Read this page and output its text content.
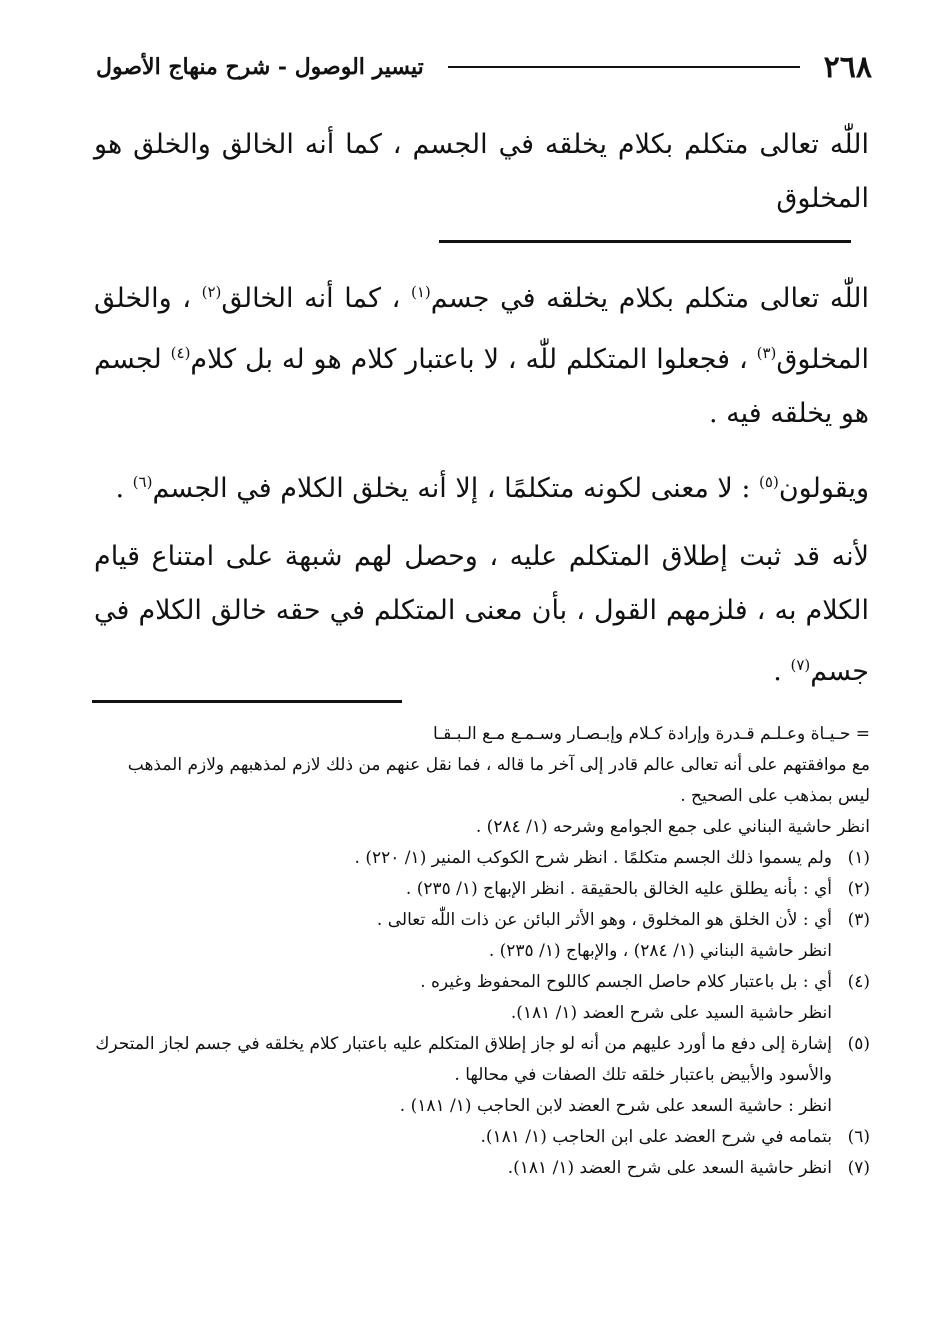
٢٦٨
تيسير الوصول - شرح منهاج الأصول

اللّٰه تعالى متكلم بكلام يخلقه في الجسم ، كما أنه الخالق والخلق هو المخلوق

اللّٰه تعالى متكلم بكلام يخلقه في جسم$^{(١)}$ ، كما أنه الخالق$^{(٢)}$ ، والخلق المخلوق$^{(٣)}$ ، فجعلوا المتكلم للّٰه ، لا باعتبار كلام هو له بل كلام$^{(٤)}$ لجسم هو يخلقه فيه .

ويقولون$^{(٥)}$ : لا معنى لكونه متكلمًا ، إلا أنه يخلق الكلام في الجسم$^{(٦)}$ .

لأنه قد ثبت إطلاق المتكلم عليه ، وحصل لهم شبهة على امتناع قيام الكلام به ، فلزمهم القول ، بأن معنى المتكلم في حقه خالق الكلام في جسم$^{(٧)}$ .

= حـيـاة وعـلـم قـدرة وإرادة كـلام وإبـصـار وسـمـع مـع الـبـقـا

مع موافقتهم على أنه تعالى عالم قادر إلى آخر ما قاله ، فما نقل عنهم من ذلك لازم لمذهبهم ولازم المذهب ليس بمذهب على الصحيح .

انظر حاشية البناني على جمع الجوامع وشرحه (١/ ٢٨٤) .

(١)

ولم يسموا ذلك الجسم متكلمًا . انظر شرح الكوكب المنير (١/ ٢٢٠) .

(٢)

أي : بأنه يطلق عليه الخالق بالحقيقة . انظر الإبهاج (١/ ٢٣٥) .

(٣)

أي : لأن الخلق هو المخلوق ، وهو الأثر البائن عن ذات اللّٰه تعالى .

انظر حاشية البناني (١/ ٢٨٤) ، والإبهاج (١/ ٢٣٥) .

(٤)

أي : بل باعتبار كلام حاصل الجسم كاللوح المحفوظ وغيره .

انظر حاشية السيد على شرح العضد (١/ ١٨١).

(٥)

إشارة إلى دفع ما أورد عليهم من أنه لو جاز إطلاق المتكلم عليه باعتبار كلام يخلقه في جسم لجاز المتحرك والأسود والأبيض باعتبار خلقه تلك الصفات في محالها .

انظر : حاشية السعد على شرح العضد لابن الحاجب (١/ ١٨١) .

(٦)

بتمامه في شرح العضد على ابن الحاجب (١/ ١٨١).

(٧)

انظر حاشية السعد على شرح العضد (١/ ١٨١).
